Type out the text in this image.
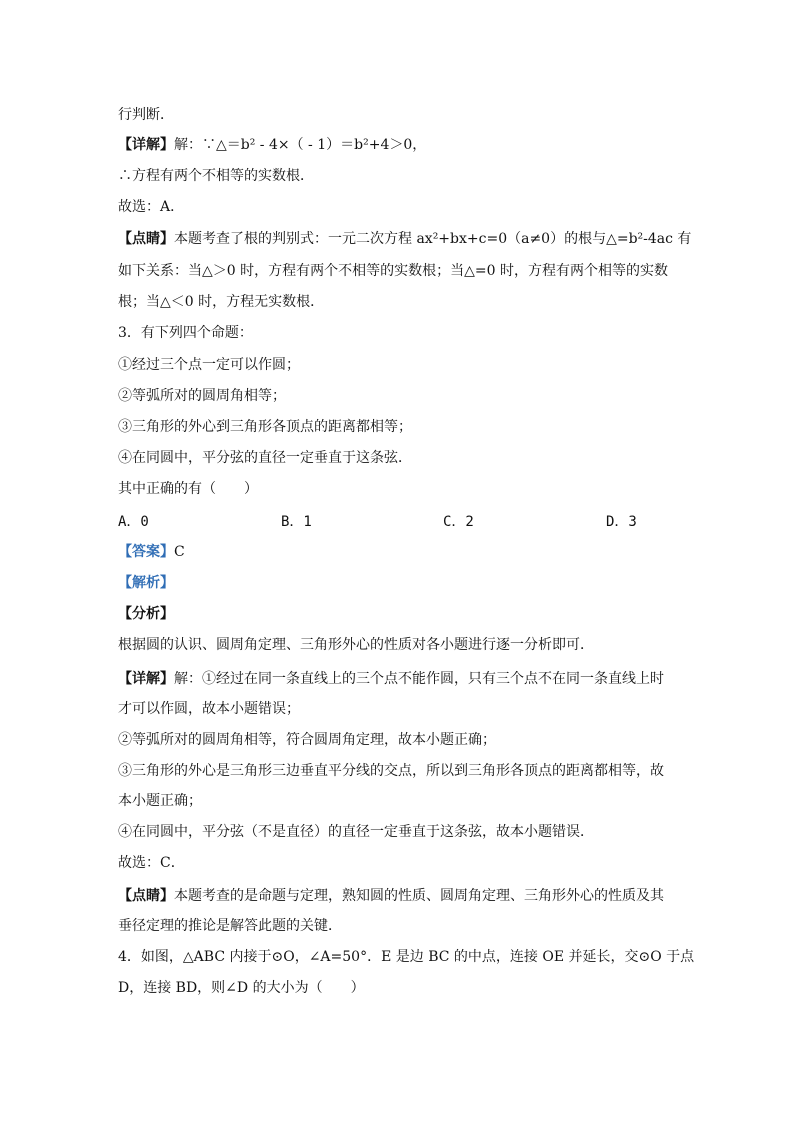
行判断．
【详解】解：∵△＝b² - 4×（ - 1）＝b²+4＞0，
∴方程有两个不相等的实数根．
故选：A．
【点睛】本题考查了根的判别式：一元二次方程 ax²+bx+c=0（a≠0）的根与△=b²-4ac 有
如下关系：当△＞0 时，方程有两个不相等的实数根；当△=0 时，方程有两个相等的实数
根；当△＜0 时，方程无实数根．
3．有下列四个命题：
①经过三个点一定可以作圆；
②等弧所对的圆周角相等；
③三角形的外心到三角形各顶点的距离都相等；
④在同圆中，平分弦的直径一定垂直于这条弦．
其中正确的有（　　）
A．0	B．1	C．2	D．3
【答案】C
【解析】
【分析】
根据圆的认识、圆周角定理、三角形外心的性质对各小题进行逐一分析即可．
【详解】解：①经过在同一条直线上的三个点不能作圆，只有三个点不在同一条直线上时
才可以作圆，故本小题错误；
②等弧所对的圆周角相等，符合圆周角定理，故本小题正确；
③三角形的外心是三角形三边垂直平分线的交点，所以到三角形各顶点的距离都相等，故
本小题正确；
④在同圆中，平分弦（不是直径）的直径一定垂直于这条弦，故本小题错误．
故选：C．
【点睛】本题考查的是命题与定理，熟知圆的性质、圆周角定理、三角形外心的性质及其
垂径定理的推论是解答此题的关键．
4．如图，△ABC 内接于⊙O，∠A=50°．E 是边 BC 的中点，连接 OE 并延长，交⊙O 于点
D，连接 BD，则∠D 的大小为（　　）
